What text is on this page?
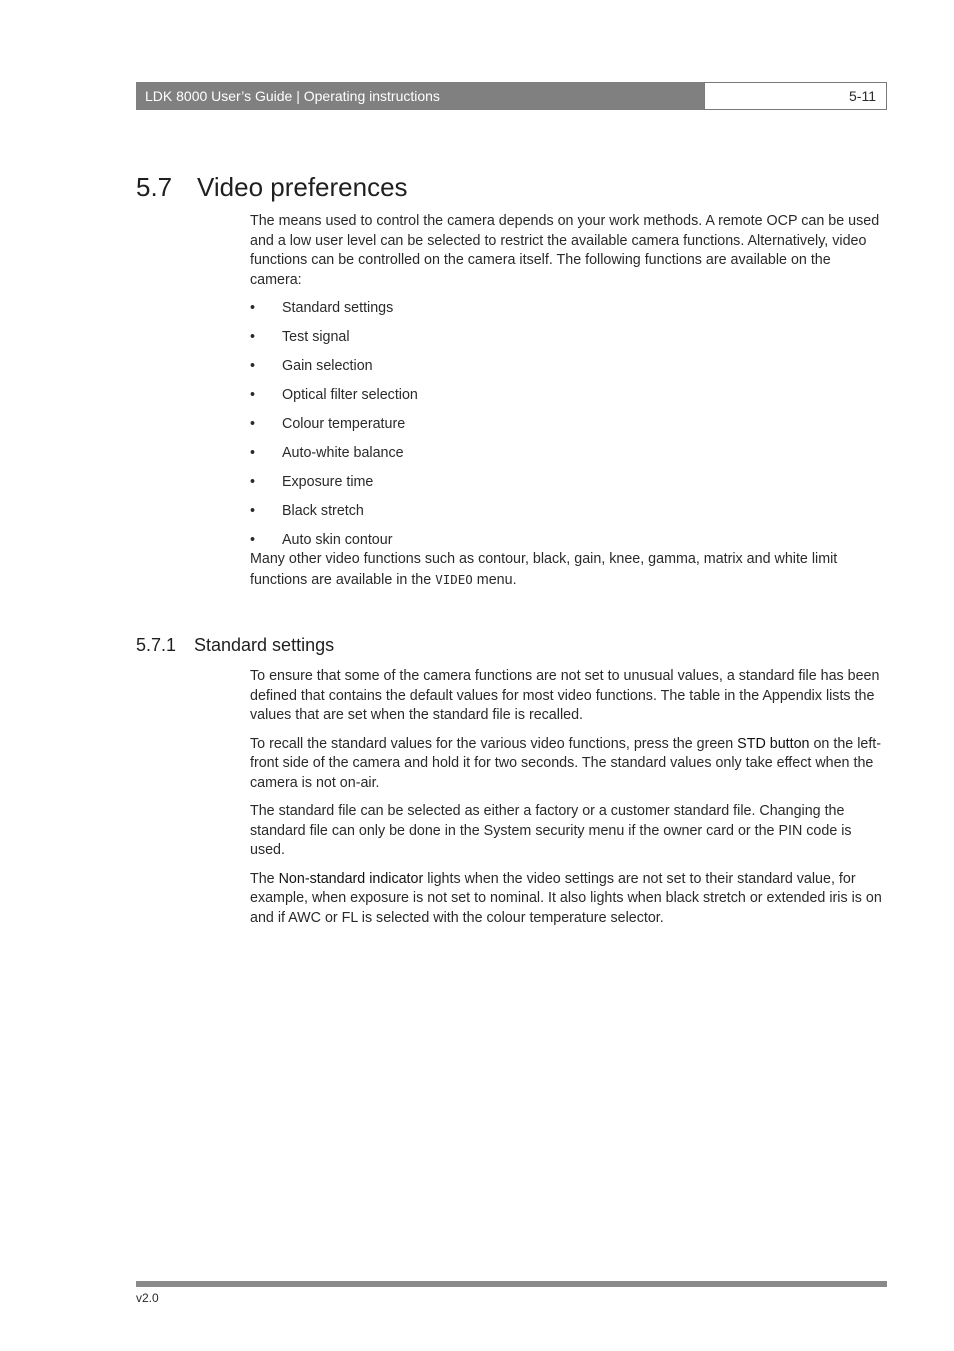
LDK 8000 User’s Guide | Operating instructions	5-11
5.7 Video preferences

The means used to control the camera depends on your work methods. A remote OCP can be used and a low user level can be selected to restrict the available camera functions. Alternatively, video functions can be controlled on the camera itself. The following functions are available on the camera:

• Standard settings
• Test signal
• Gain selection
• Optical filter selection
• Colour temperature
• Auto-white balance
• Exposure time
• Black stretch
• Auto skin contour

Many other video functions such as contour, black, gain, knee, gamma, matrix and white limit functions are available in the VIDEO menu.

5.7.1 Standard settings

To ensure that some of the camera functions are not set to unusual values, a standard file has been defined that contains the default values for most video functions. The table in the Appendix lists the values that are set when the standard file is recalled.

To recall the standard values for the various video functions, press the green STD button on the left-front side of the camera and hold it for two seconds. The standard values only take effect when the camera is not on-air.

The standard file can be selected as either a factory or a customer standard file. Changing the standard file can only be done in the System security menu if the owner card or the PIN code is used.

The Non-standard indicator lights when the video settings are not set to their standard value, for example, when exposure is not set to nominal. It also lights when black stretch or extended iris is on and if AWC or FL is selected with the colour temperature selector.

v2.0
